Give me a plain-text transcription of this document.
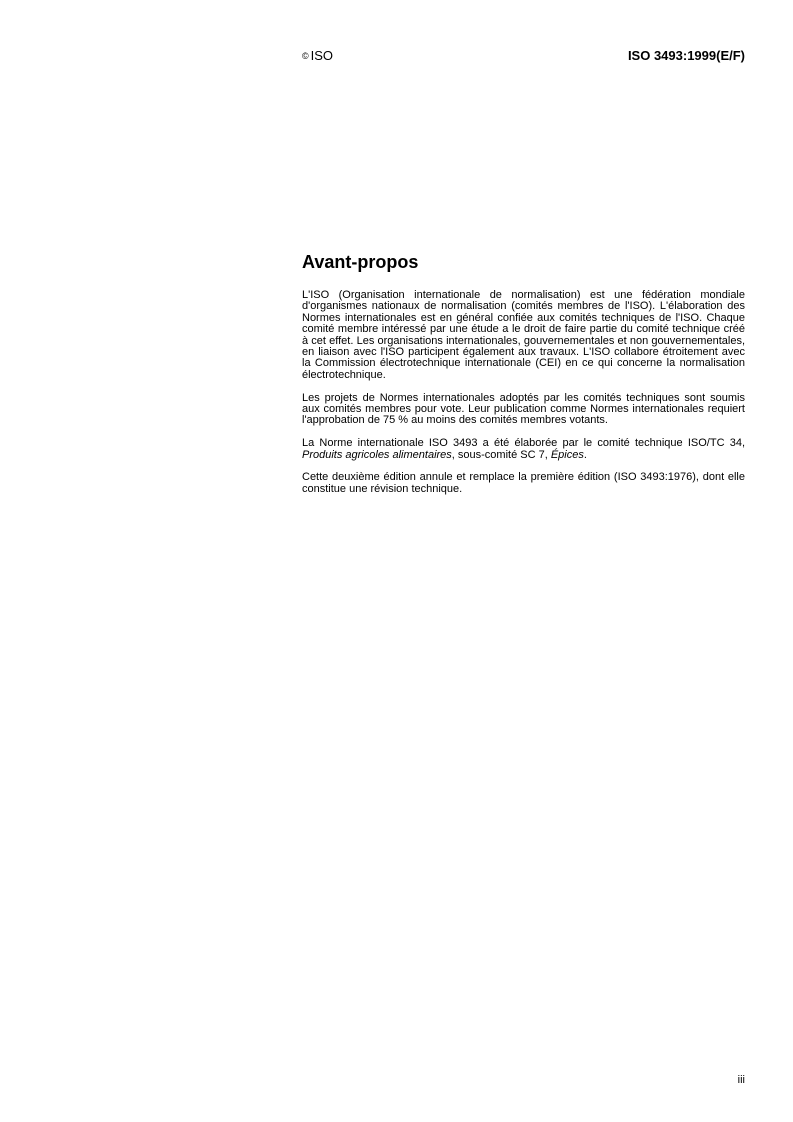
© ISO	ISO 3493:1999(E/F)
Avant-propos

L'ISO (Organisation internationale de normalisation) est une fédération mondiale d'organismes nationaux de normalisation (comités membres de l'ISO). L'élaboration des Normes internationales est en général confiée aux comités techniques de l'ISO. Chaque comité membre intéressé par une étude a le droit de faire partie du comité technique créé à cet effet. Les organisations internationales, gouvernementales et non gouvernementales, en liaison avec l'ISO participent également aux travaux. L'ISO collabore étroitement avec la Commission électrotechnique internationale (CEI) en ce qui concerne la normalisation électrotechnique.

Les projets de Normes internationales adoptés par les comités techniques sont soumis aux comités membres pour vote. Leur publication comme Normes internationales requiert l'approbation de 75 % au moins des comités membres votants.

La Norme internationale ISO 3493 a été élaborée par le comité technique ISO/TC 34, Produits agricoles alimentaires, sous-comité SC 7, Épices.

Cette deuxième édition annule et remplace la première édition (ISO 3493:1976), dont elle constitue une révision technique.

iii
